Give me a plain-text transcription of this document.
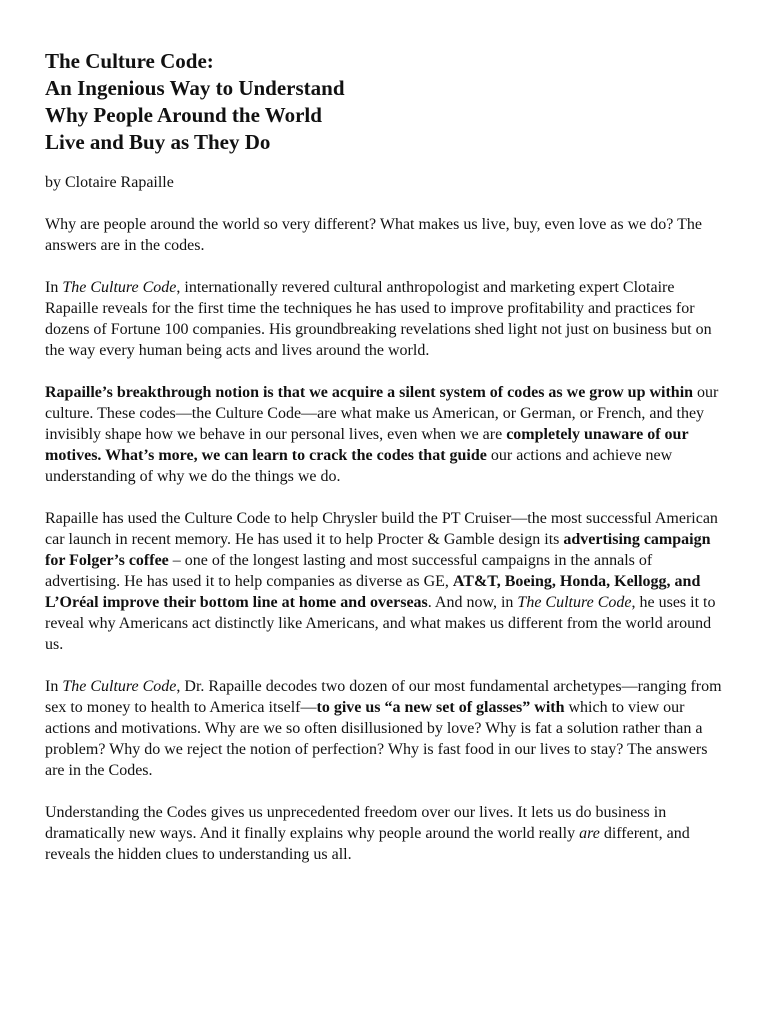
The Culture Code:
An Ingenious Way to Understand
Why People Around the World
Live and Buy as They Do

by Clotaire Rapaille

Why are people around the world so very different? What makes us live, buy, even love as we do? The answers are in the codes.

In The Culture Code, internationally revered cultural anthropologist and marketing expert Clotaire Rapaille reveals for the first time the techniques he has used to improve profitability and practices for dozens of Fortune 100 companies. His groundbreaking revelations shed light not just on business but on the way every human being acts and lives around the world.

Rapaille’s breakthrough notion is that we acquire a silent system of codes as we grow up within our culture. These codes—the Culture Code—are what make us American, or German, or French, and they invisibly shape how we behave in our personal lives, even when we are completely unaware of our motives. What’s more, we can learn to crack the codes that guide our actions and achieve new understanding of why we do the things we do.

Rapaille has used the Culture Code to help Chrysler build the PT Cruiser—the most successful American car launch in recent memory. He has used it to help Procter & Gamble design its advertising campaign for Folger’s coffee – one of the longest lasting and most successful campaigns in the annals of advertising. He has used it to help companies as diverse as GE, AT&T, Boeing, Honda, Kellogg, and L’Oréal improve their bottom line at home and overseas. And now, in The Culture Code, he uses it to reveal why Americans act distinctly like Americans, and what makes us different from the world around us.

In The Culture Code, Dr. Rapaille decodes two dozen of our most fundamental archetypes—ranging from sex to money to health to America itself—to give us “a new set of glasses” with which to view our actions and motivations. Why are we so often disillusioned by love? Why is fat a solution rather than a problem? Why do we reject the notion of perfection? Why is fast food in our lives to stay? The answers are in the Codes.

Understanding the Codes gives us unprecedented freedom over our lives. It lets us do business in dramatically new ways. And it finally explains why people around the world really are different, and reveals the hidden clues to understanding us all.
